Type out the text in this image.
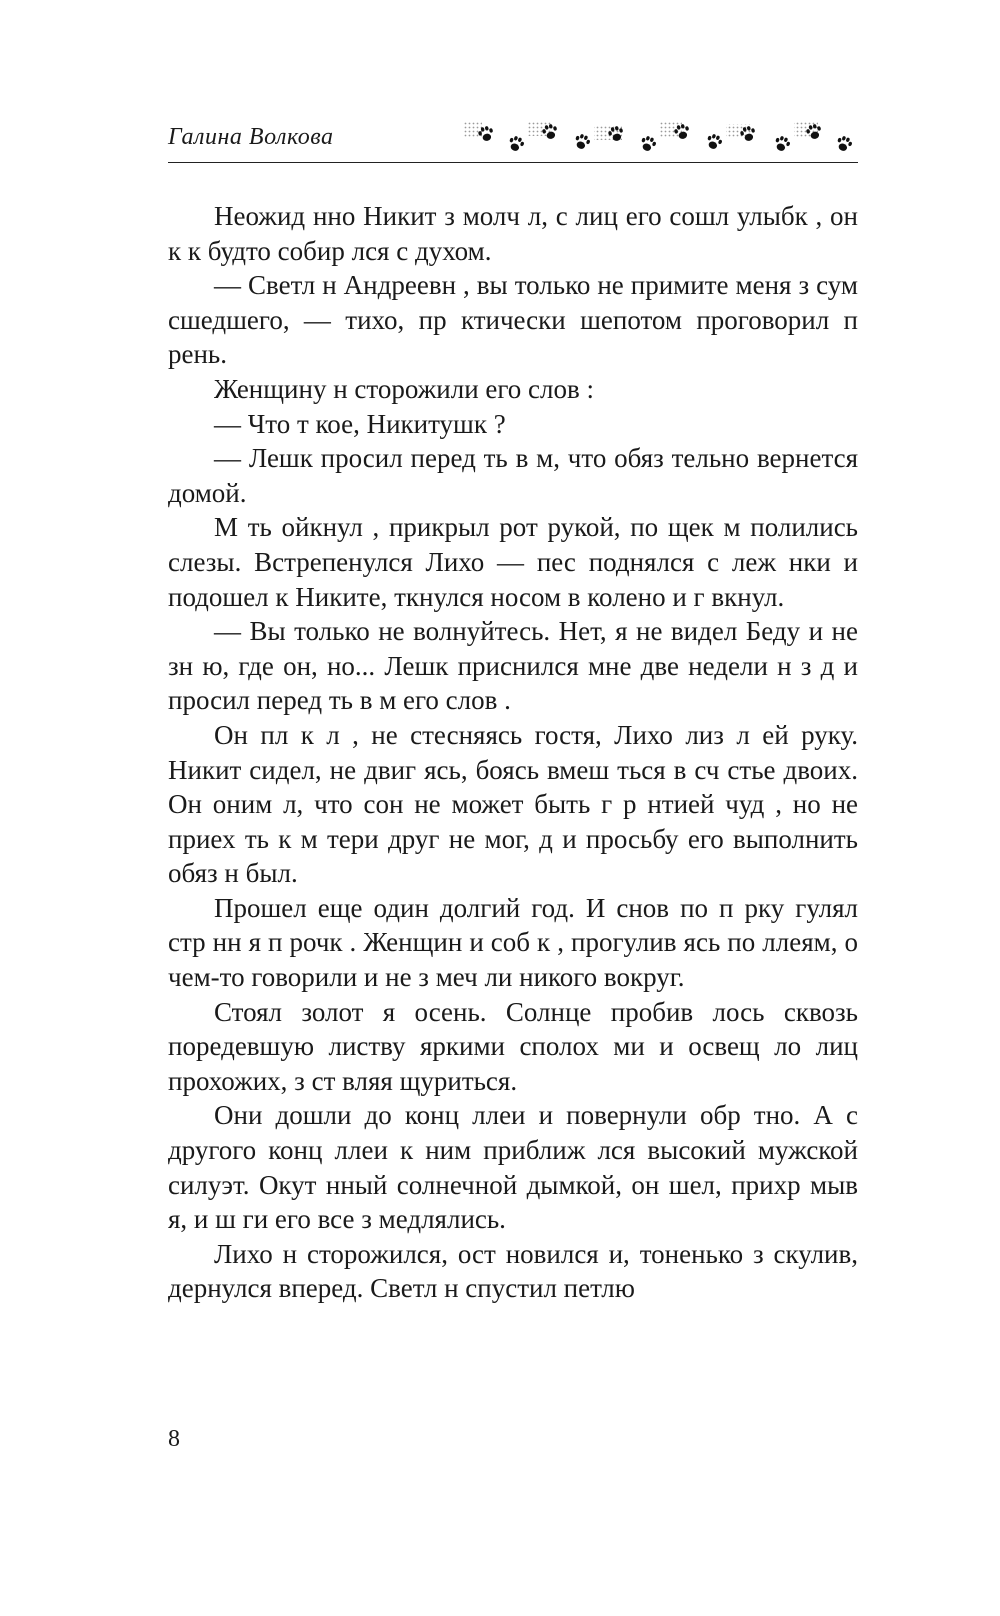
Галина Волкова

Неожид нно Никит з молч л, с лиц его сошл улыбк , он к к будто собир лся с духом.

— Светл н Андреевн , вы только не примите меня з сум сшедшего, — тихо, пр ктически шепотом проговорил п рень.

Женщину н сторожили его слов :

— Что т кое, Никитушк ?

— Лешк просил перед ть в м, что обяз тельно вернется домой.

М ть ойкнул , прикрыл рот рукой, по щек м полились слезы. Встрепенулся Лихо — пес поднялся с леж нки и подошел к Никите, ткнулся носом в колено и г вкнул.

— Вы только не волнуйтесь. Нет, я не видел Беду и не зн ю, где он, но... Лешк приснился мне две недели н з д и просил перед ть в м его слов .

Он пл к л , не стесняясь гостя, Лихо лиз л ей руку. Никит сидел, не двиг ясь, боясь вмеш ться в сч стье двоих. Он оним л, что сон не может быть г р нтией чуд , но не приех ть к м тери друг не мог, д и просьбу его выполнить обяз н был.

Прошел еще один долгий год. И снов по п рку гулял стр нн я п рочк . Женщин и соб к , прогулив ясь по ллеям, о чем-то говорили и не з меч ли никого вокруг.

Стоял золот я осень. Солнце пробив лось сквозь поредевшую листву яркими сполох ми и освещ ло лиц прохожих, з ст вляя щуриться.

Они дошли до конц ллеи и повернули обр тно. А с другого конц ллеи к ним приближ лся высокий мужской силуэт. Окут нный солнечной дымкой, он шел, прихр мыв я, и ш ги его все з медлялись.

Лихо н сторожился, ост новился и, тоненько з скулив, дернулся вперед. Светл н спустил петлю

8
